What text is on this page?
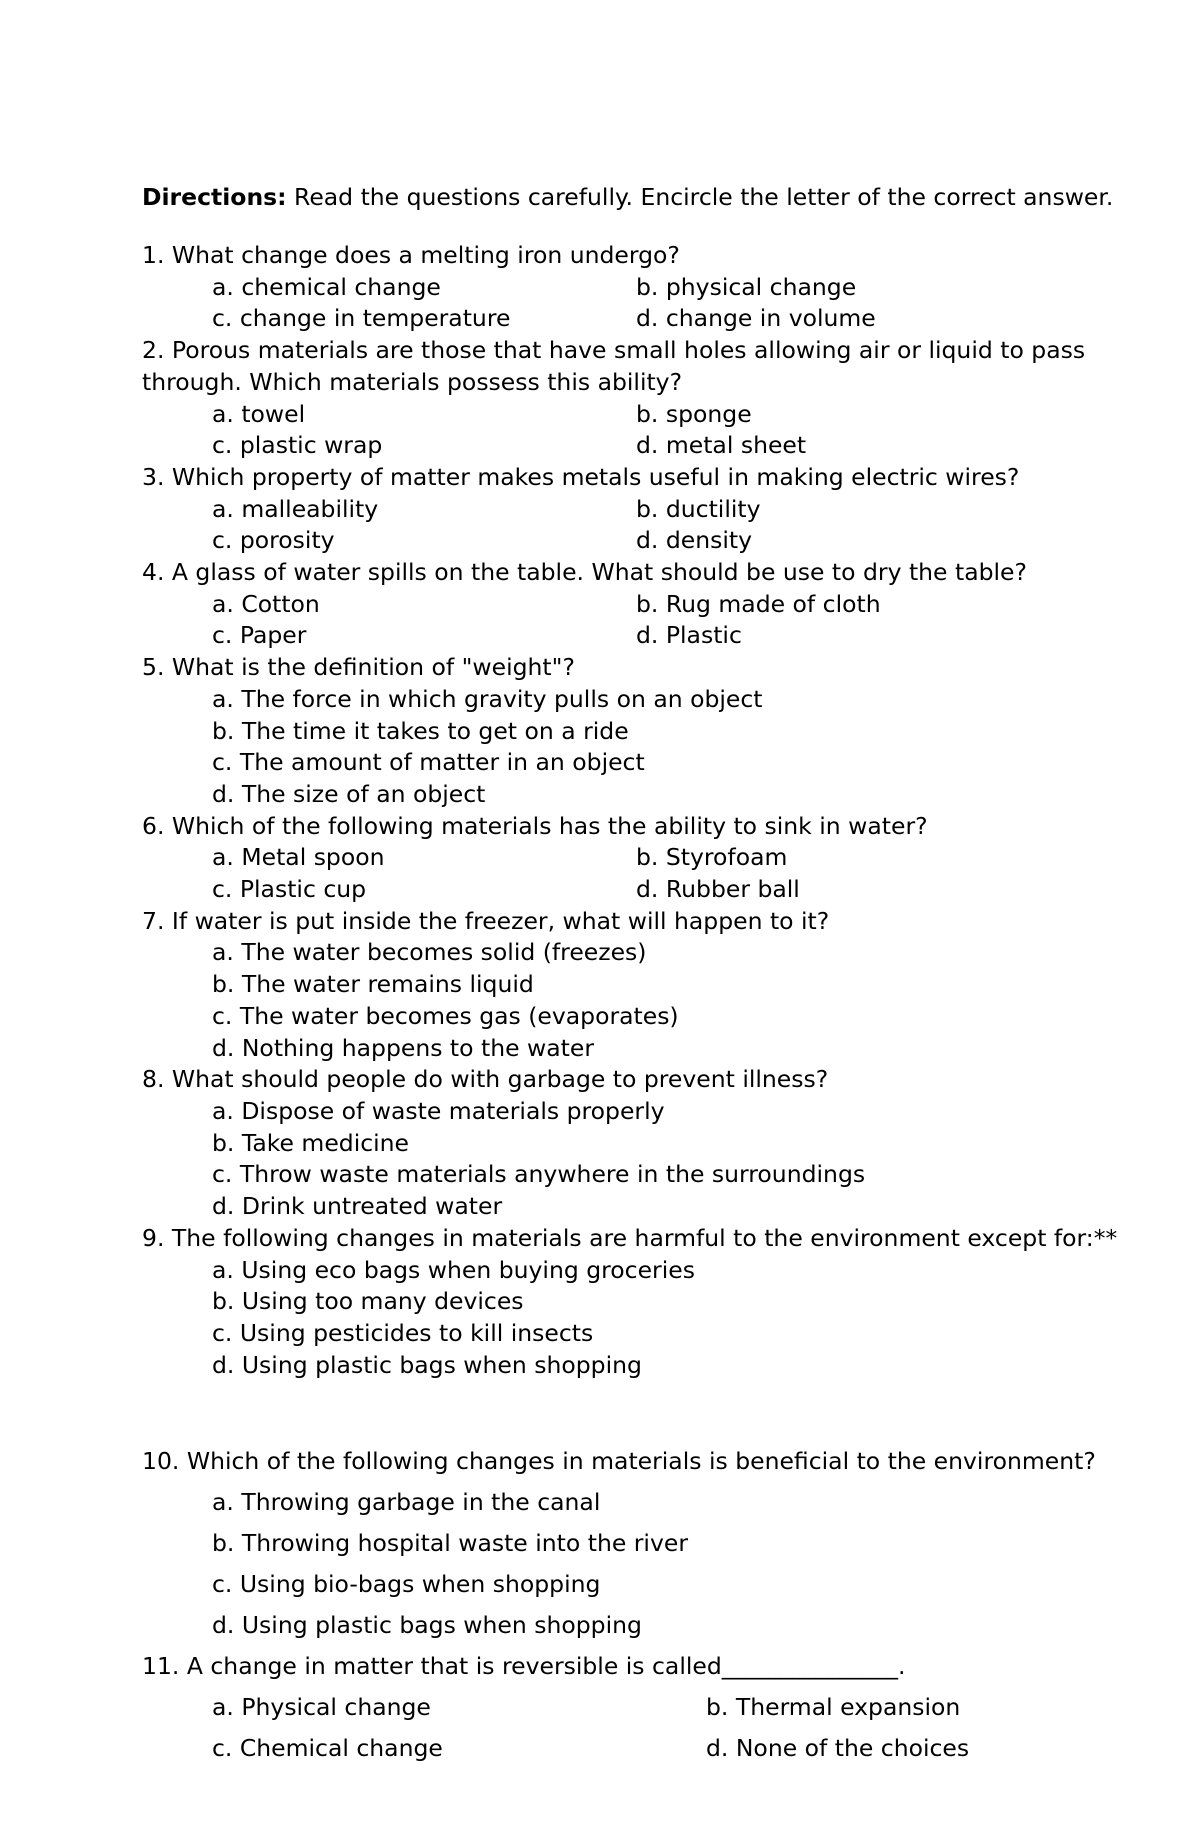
Directions: Read the questions carefully. Encircle the letter of the correct answer.

1. What change does a melting iron undergo?

a. chemical change	b. physical change
c. change in temperature	d. change in volume

2. Porous materials are those that have small holes allowing air or liquid to pass through. Which materials possess this ability?

a. towel	b. sponge
c. plastic wrap	d. metal sheet

3. Which property of matter makes metals useful in making electric wires?

a. malleability	b. ductility
c. porosity	d. density

4. A glass of water spills on the table. What should be use to dry the table?

a. Cotton	b. Rug made of cloth
c. Paper	d. Plastic

5. What is the definition of "weight"?

a. The force in which gravity pulls on an object
b. The time it takes to get on a ride
c. The amount of matter in an object
d. The size of an object

6. Which of the following materials has the ability to sink in water?

a. Metal spoon	b. Styrofoam
c. Plastic cup	d. Rubber ball

7. If water is put inside the freezer, what will happen to it?

a. The water becomes solid (freezes)
b. The water remains liquid
c. The water becomes gas (evaporates)
d. Nothing happens to the water

8. What should people do with garbage to prevent illness?

a. Dispose of waste materials properly
b. Take medicine
c. Throw waste materials anywhere in the surroundings
d. Drink untreated water

9. The following changes in materials are harmful to the environment except for:**

a. Using eco bags when buying groceries
b. Using too many devices
c. Using pesticides to kill insects
d. Using plastic bags when shopping

10. Which of the following changes in materials is beneficial to the environment?

a. Throwing garbage in the canal
b. Throwing hospital waste into the river
c. Using bio-bags when shopping
d. Using plastic bags when shopping

11. A change in matter that is reversible is called_______________.

a. Physical change	b. Thermal expansion
c. Chemical change	d. None of the choices
